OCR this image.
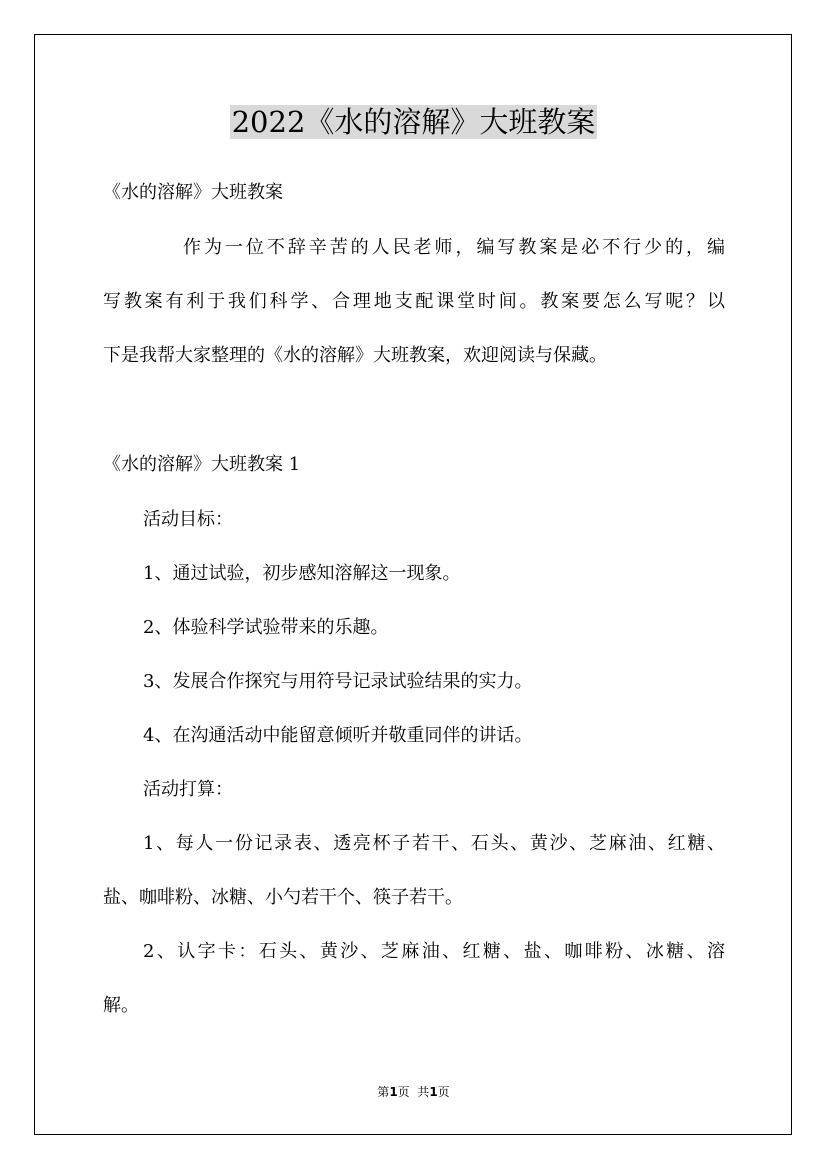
2022《水的溶解》大班教案
《水的溶解》大班教案
作为一位不辞辛苦的人民老师，编写教案是必不行少的，编
写教案有利于我们科学、合理地支配课堂时间。教案要怎么写呢？以
下是我帮大家整理的《水的溶解》大班教案，欢迎阅读与保藏。
《水的溶解》大班教案 1
活动目标：
1、通过试验，初步感知溶解这一现象。
2、体验科学试验带来的乐趣。
3、发展合作探究与用符号记录试验结果的实力。
4、在沟通活动中能留意倾听并敬重同伴的讲话。
活动打算：
1、每人一份记录表、透亮杯子若干、石头、黄沙、芝麻油、红糖、
盐、咖啡粉、冰糖、小勺若干个、筷子若干。
2、认字卡：石头、黄沙、芝麻油、红糖、盐、咖啡粉、冰糖、溶
解。
第1页  共1页
